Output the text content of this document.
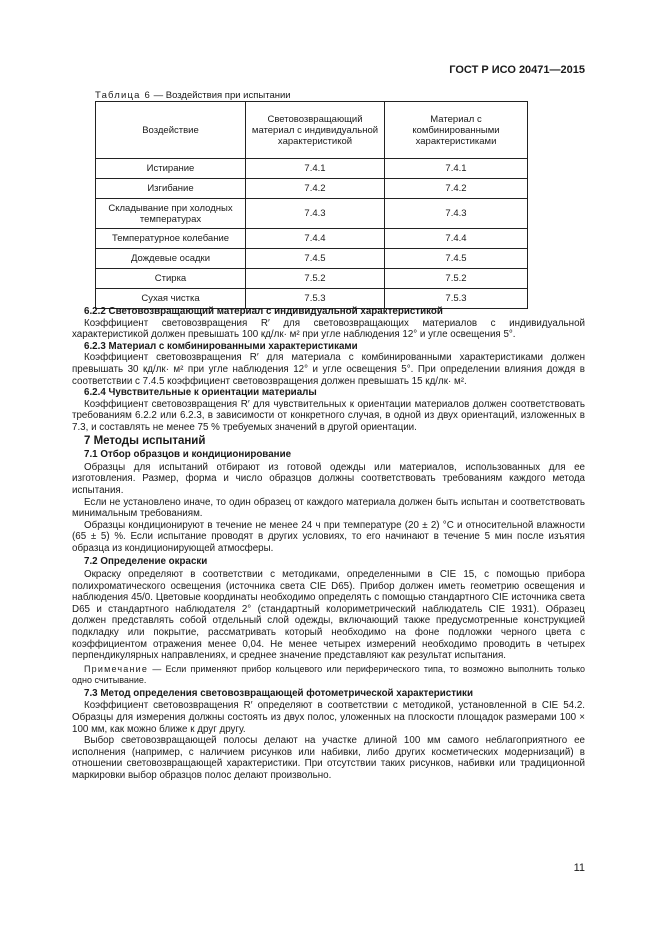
ГОСТ Р ИСО 20471—2015
Таблица 6 — Воздействия при испытании
Воздействие	Световозвращающий материал с индивидуальной характеристикой	Материал с комбинированными характеристиками
Истирание	7.4.1	7.4.1
Изгибание	7.4.2	7.4.2
Складывание при холодных температурах	7.4.3	7.4.3
Температурное колебание	7.4.4	7.4.4
Дождевые осадки	7.4.5	7.4.5
Стирка	7.5.2	7.5.2
Сухая чистка	7.5.3	7.5.3

6.2.2 Световозвращающий материал с индивидуальной характеристикой

Коэффициент световозвращения R′ для световозвращающих материалов с индивидуальной характеристикой должен превышать 100 кд/лк· м² при угле наблюдения 12° и угле освещения 5°.

6.2.3 Материал с комбинированными характеристиками

Коэффициент световозвращения R′ для материала с комбинированными характеристиками должен превышать 30 кд/лк· м² при угле наблюдения 12° и угле освещения 5°. При определении влияния дождя в соответствии с 7.4.5 коэффициент световозвращения должен превышать 15 кд/лк· м².

6.2.4 Чувствительные к ориентации материалы

Коэффициент световозвращения R′ для чувствительных к ориентации материалов должен соответствовать требованиям 6.2.2 или 6.2.3, в зависимости от конкретного случая, в одной из двух ориентаций, изложенных в 7.3, и составлять не менее 75 % требуемых значений в другой ориентации.

7 Методы испытаний

7.1 Отбор образцов и кондиционирование

Образцы для испытаний отбирают из готовой одежды или материалов, использованных для ее изготовления. Размер, форма и число образцов должны соответствовать требованиям каждого метода испытания.

Если не установлено иначе, то один образец от каждого материала должен быть испытан и соответствовать минимальным требованиям.

Образцы кондиционируют в течение не менее 24 ч при температуре (20 ± 2) °C и относительной влажности (65 ± 5) %. Если испытание проводят в других условиях, то его начинают в течение 5 мин после изъятия образца из кондиционирующей атмосферы.

7.2 Определение окраски

Окраску определяют в соответствии с методиками, определенными в CIE 15, с помощью прибора полихроматического освещения (источника света CIE D65). Прибор должен иметь геометрию освещения и наблюдения 45/0. Цветовые координаты необходимо определять с помощью стандартного CIE источника света D65 и стандартного наблюдателя 2° (стандартный колориметрический наблюдатель CIE 1931). Образец должен представлять собой отдельный слой одежды, включающий также предусмотренные конструкцией подкладку или покрытие, рассматривать который необходимо на фоне подложки черного цвета с коэффициентом отражения менее 0,04. Не менее четырех измерений необходимо проводить в четырех перпендикулярных направлениях, и среднее значение представляют как результат испытания.

Примечание — Если применяют прибор кольцевого или периферического типа, то возможно выполнить только одно считывание.

7.3 Метод определения световозвращающей фотометрической характеристики

Коэффициент световозвращения R′ определяют в соответствии с методикой, установленной в CIE 54.2. Образцы для измерения должны состоять из двух полос, уложенных на плоскости площадок размерами 100 × 100 мм, как можно ближе к друг другу.

Выбор световозвращающей полосы делают на участке длиной 100 мм самого неблагоприятного ее исполнения (например, с наличием рисунков или набивки, либо других косметических модернизаций) в отношении световозвращающей характеристики. При отсутствии таких рисунков, набивки или традиционной маркировки выбор образцов полос делают произвольно.

11
